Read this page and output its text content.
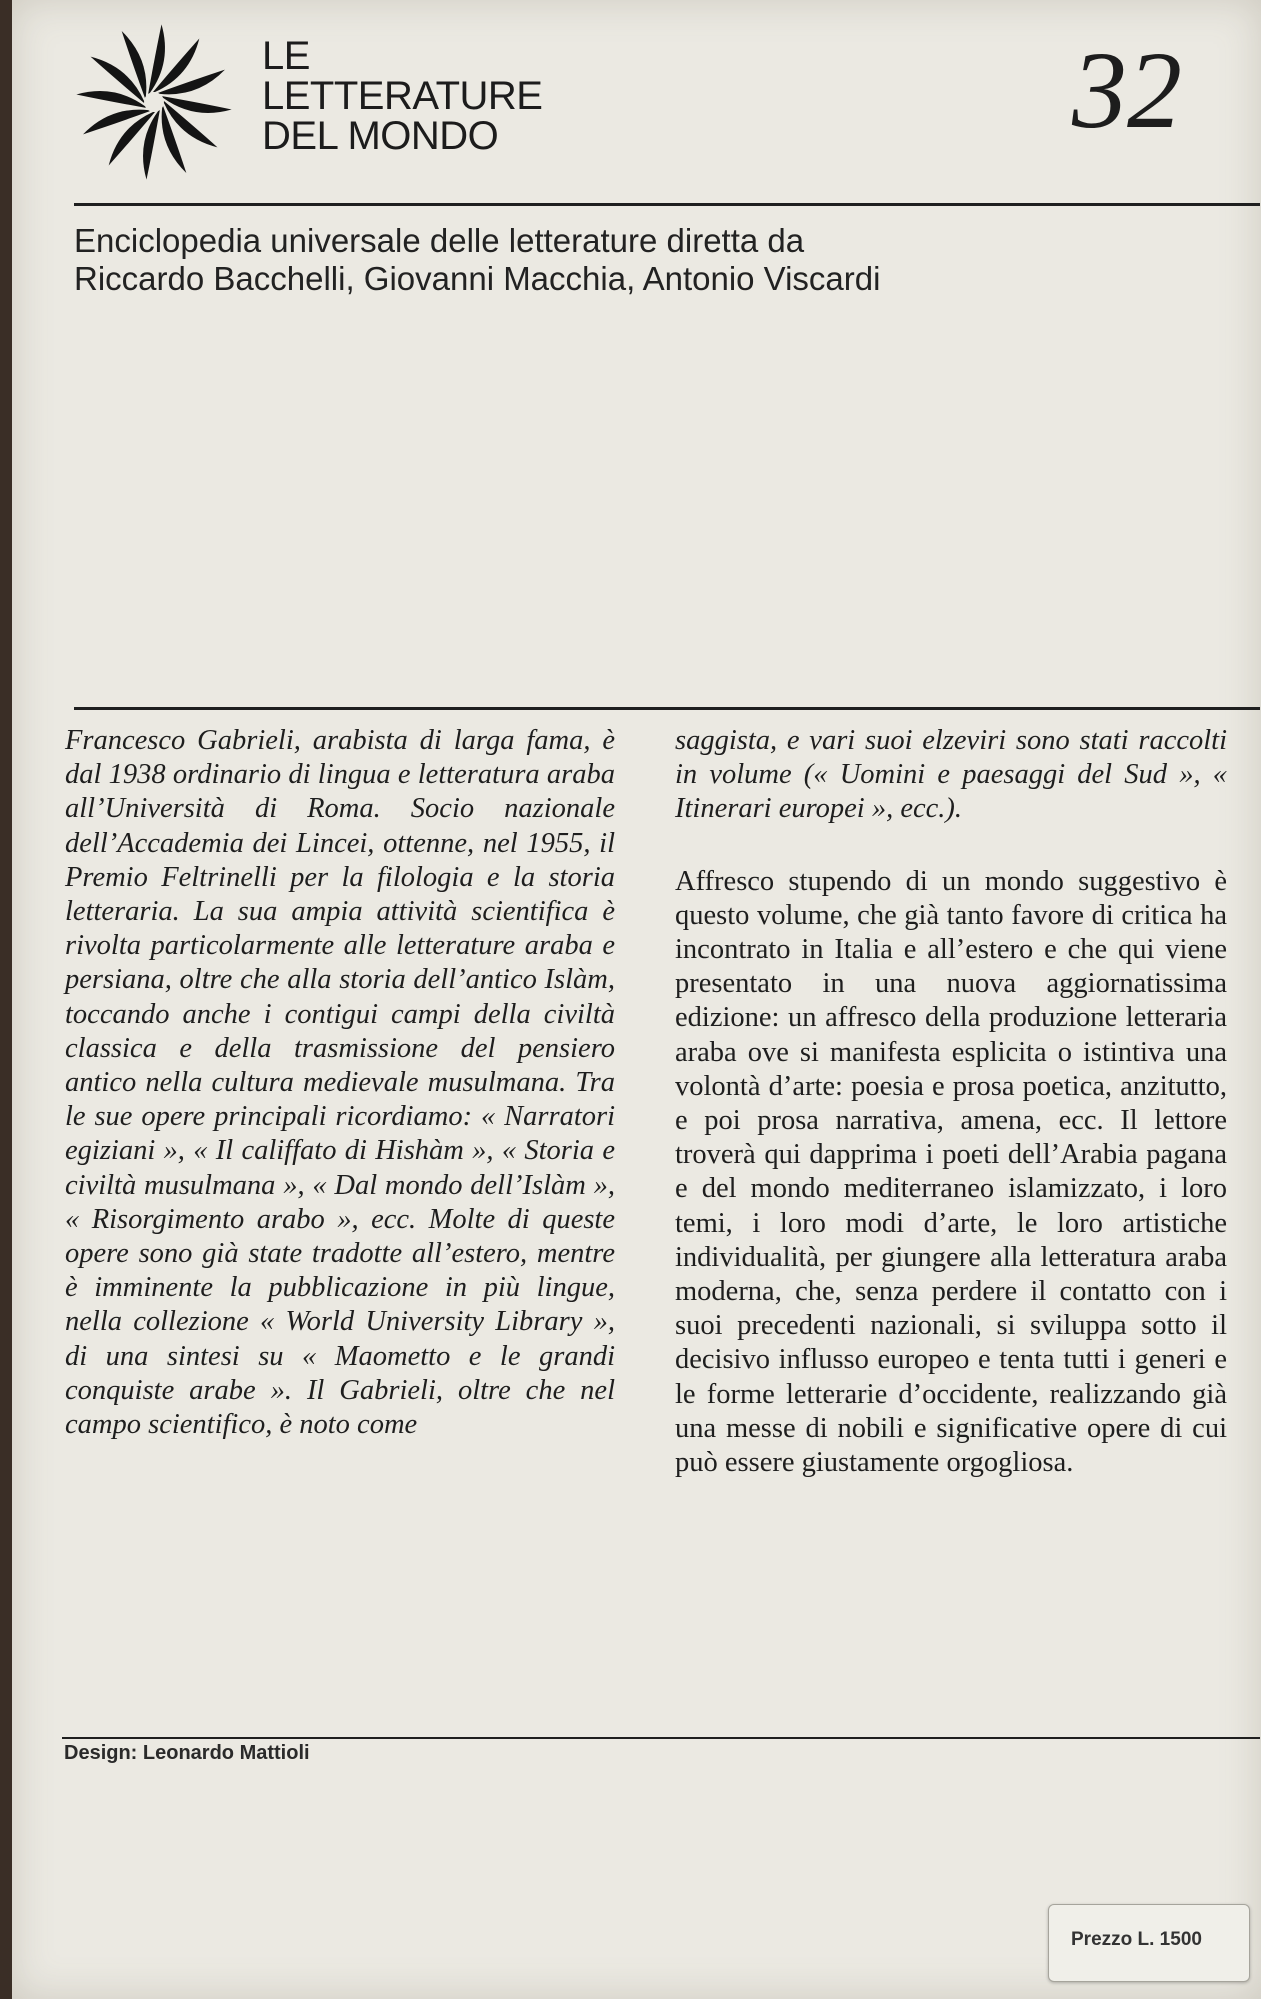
LE
LETTERATURE
DEL MONDO	32
Enciclopedia universale delle letterature diretta da
Riccardo Bacchelli, Giovanni Macchia, Antonio Viscardi

Francesco Gabrieli, arabista di larga fama, è dal 1938 ordinario di lingua e letteratura araba all’Università di Roma. Socio nazionale dell’Accademia dei Lincei, ottenne, nel 1955, il Premio Feltrinelli per la filologia e la storia letteraria. La sua ampia attività scientifica è rivolta particolarmente alle letterature araba e persiana, oltre che alla storia dell’antico Islàm, toccando anche i contigui campi della civiltà classica e della trasmissione del pensiero antico nella cultura medievale musulmana. Tra le sue opere principali ricordiamo: « Narratori egiziani », « Il califfato di Hishàm », « Storia e civiltà musulmana », « Dal mondo dell’Islàm », « Risorgimento arabo », ecc. Molte di queste opere sono già state tradotte all’estero, mentre è imminente la pubblicazione in più lingue, nella collezione « World University Library », di una sintesi su « Maometto e le grandi conquiste arabe ». Il Gabrieli, oltre che nel campo scientifico, è noto come

saggista, e vari suoi elzeviri sono stati raccolti in volume (« Uomini e paesaggi del Sud », « Itinerari europei », ecc.).

Affresco stupendo di un mondo suggestivo è questo volume, che già tanto favore di critica ha incontrato in Italia e all’estero e che qui viene presentato in una nuova aggiornatissima edizione: un affresco della produzione letteraria araba ove si manifesta esplicita o istintiva una volontà d’arte: poesia e prosa poetica, anzitutto, e poi prosa narrativa, amena, ecc. Il lettore troverà qui dapprima i poeti dell’Arabia pagana e del mondo mediterraneo islamizzato, i loro temi, i loro modi d’arte, le loro artistiche individualità, per giungere alla letteratura araba moderna, che, senza perdere il contatto con i suoi precedenti nazionali, si sviluppa sotto il decisivo influsso europeo e tenta tutti i generi e le forme letterarie d’occidente, realizzando già una messe di nobili e significative opere di cui può essere giustamente orgogliosa.

Design: Leonardo Mattioli
Prezzo L. 1500
